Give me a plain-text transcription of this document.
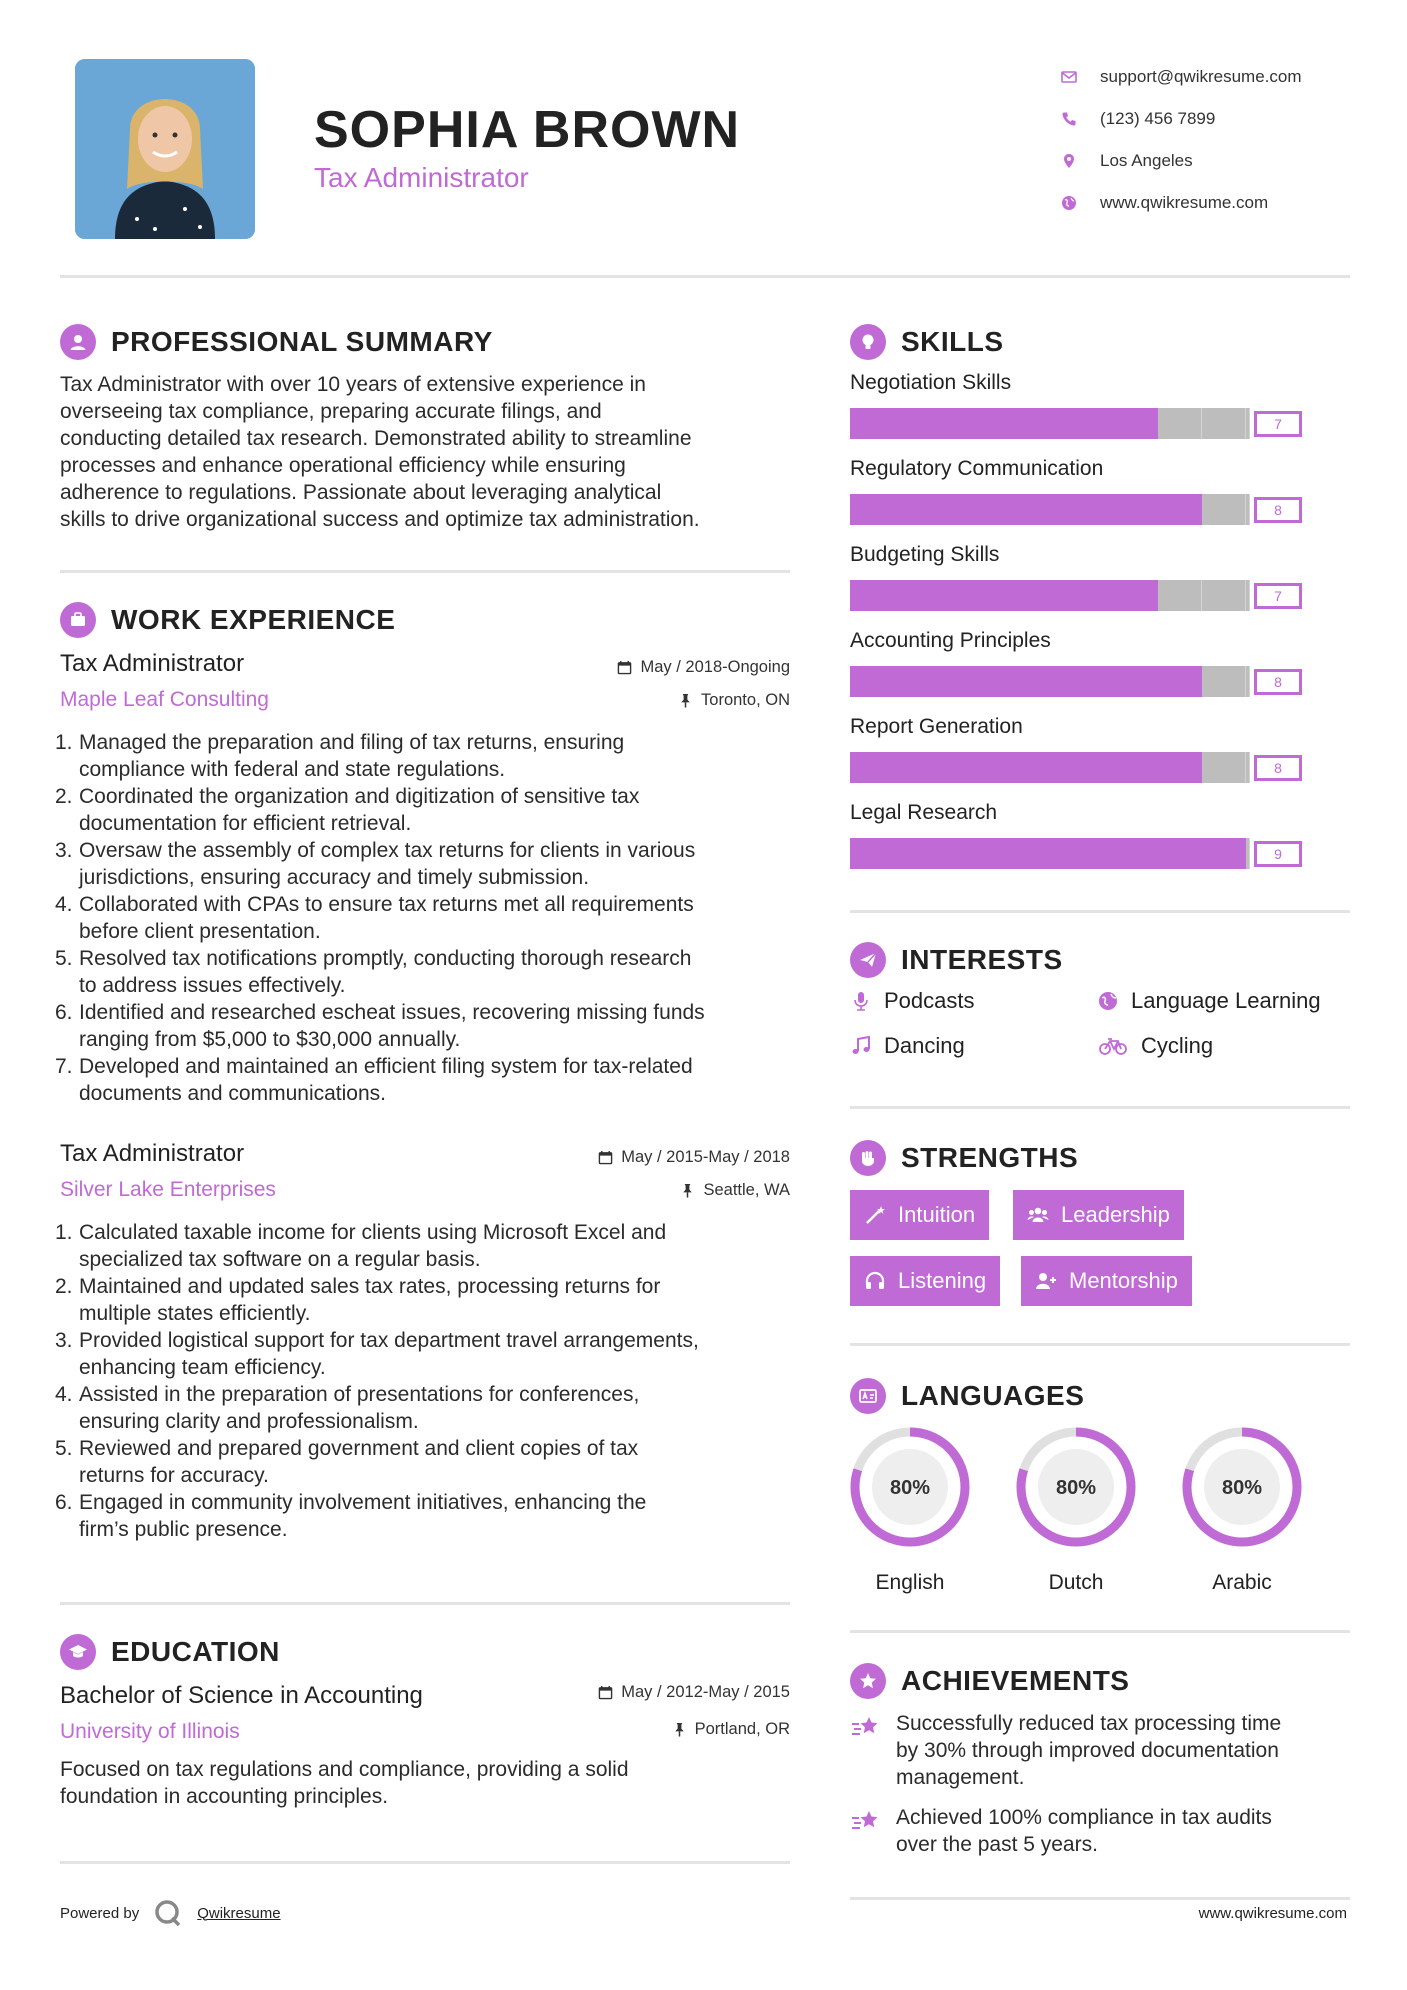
SOPHIA BROWN
Tax Administrator
support@qwikresume.com
(123) 456 7899
Los Angeles
www.qwikresume.com
PROFESSIONAL SUMMARY
Tax Administrator with over 10 years of extensive experience in
overseeing tax compliance, preparing accurate filings, and
conducting detailed tax research. Demonstrated ability to streamline
processes and enhance operational efficiency while ensuring
adherence to regulations. Passionate about leveraging analytical
skills to drive organizational success and optimize tax administration.
WORK EXPERIENCE
Tax Administrator	May / 2018-Ongoing
Maple Leaf Consulting	Toronto, ON
1. Managed the preparation and filing of tax returns, ensuring
compliance with federal and state regulations.
2. Coordinated the organization and digitization of sensitive tax
documentation for efficient retrieval.
3. Oversaw the assembly of complex tax returns for clients in various
jurisdictions, ensuring accuracy and timely submission.
4. Collaborated with CPAs to ensure tax returns met all requirements
before client presentation.
5. Resolved tax notifications promptly, conducting thorough research
to address issues effectively.
6. Identified and researched escheat issues, recovering missing funds
ranging from $5,000 to $30,000 annually.
7. Developed and maintained an efficient filing system for tax-related
documents and communications.
Tax Administrator	May / 2015-May / 2018
Silver Lake Enterprises	Seattle, WA
1. Calculated taxable income for clients using Microsoft Excel and
specialized tax software on a regular basis.
2. Maintained and updated sales tax rates, processing returns for
multiple states efficiently.
3. Provided logistical support for tax department travel arrangements,
enhancing team efficiency.
4. Assisted in the preparation of presentations for conferences,
ensuring clarity and professionalism.
5. Reviewed and prepared government and client copies of tax
returns for accuracy.
6. Engaged in community involvement initiatives, enhancing the
firm’s public presence.
EDUCATION
Bachelor of Science in Accounting	May / 2012-May / 2015
University of Illinois	Portland, OR
Focused on tax regulations and compliance, providing a solid
foundation in accounting principles.
SKILLS
Negotiation Skills
7
Regulatory Communication
8
Budgeting Skills
7
Accounting Principles
8
Report Generation
8
Legal Research
9
INTERESTS
Podcasts	Language Learning
Dancing	Cycling
STRENGTHS
Intuition	Leadership
Listening	Mentorship
LANGUAGES
80%
English
80%
Dutch
80%
Arabic
ACHIEVEMENTS
Successfully reduced tax processing time
by 30% through improved documentation
management.
Achieved 100% compliance in tax audits
over the past 5 years.
Powered by	Qwikresume	www.qwikresume.com
